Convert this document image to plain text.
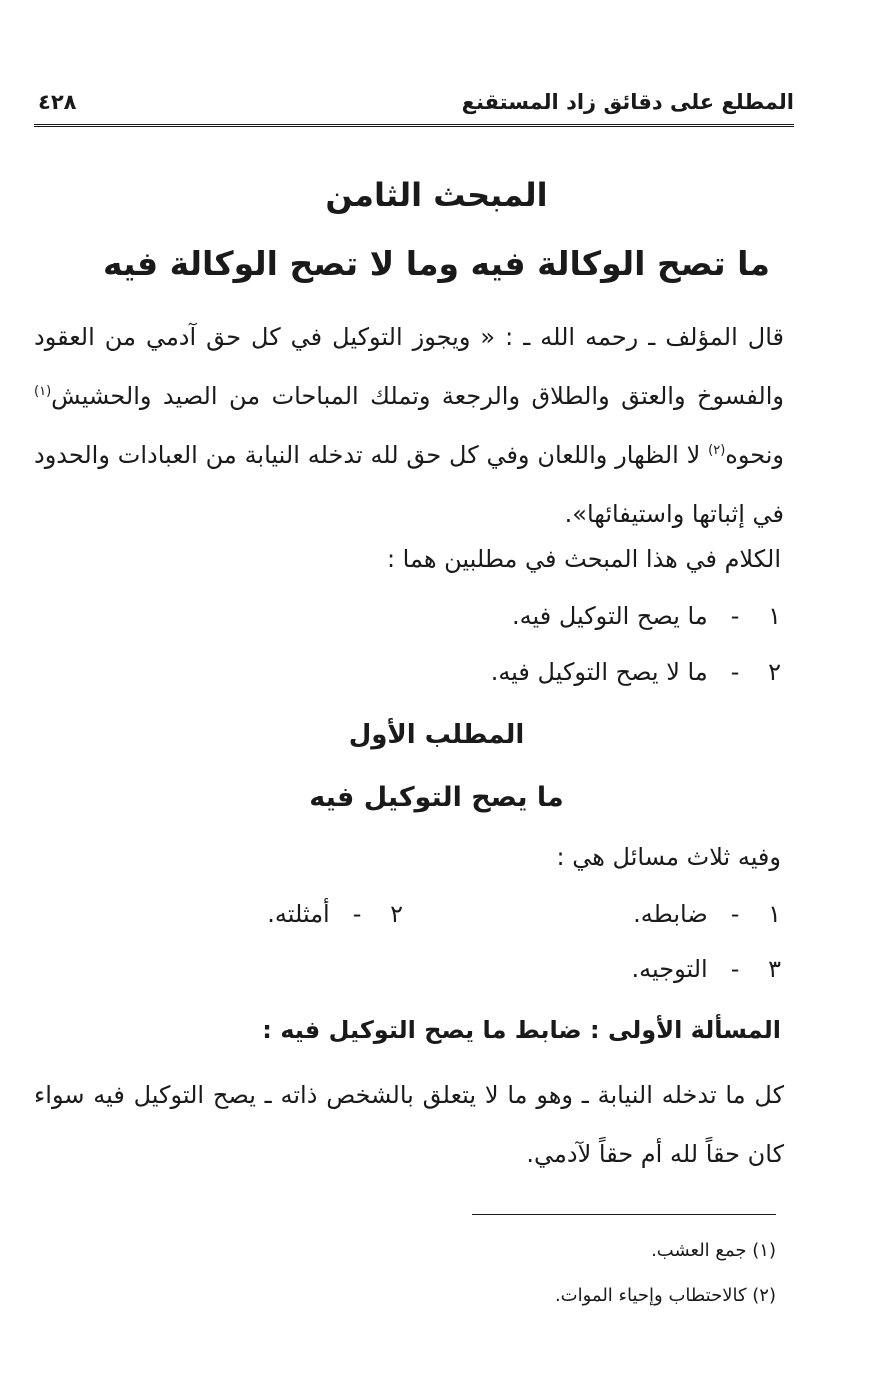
المطلع على دقائق زاد المستقنع
٤٢٨
المبحث الثامن
ما تصح الوكالة فيه وما لا تصح الوكالة فيه
قال المؤلف ـ رحمه الله ـ : « ويجوز التوكيل في كل حق آدمي من العقود والفسوخ والعتق والطلاق والرجعة وتملك المباحات من الصيد والحشيش$^{(١)}$ ونحوه$^{(٢)}$ لا الظهار واللعان وفي كل حق لله تدخله النيابة من العبادات والحدود في إثباتها واستيفائها».
الكلام في هذا المبحث في مطلبين هما :
١ - ما يصح التوكيل فيه.
٢ - ما لا يصح التوكيل فيه.
المطلب الأول
ما يصح التوكيل فيه
وفيه ثلاث مسائل هي :
١ - ضابطه.
٢ - أمثلته.
٣ - التوجيه.
المسألة الأولى : ضابط ما يصح التوكيل فيه :
كل ما تدخله النيابة ـ وهو ما لا يتعلق بالشخص ذاته ـ يصح التوكيل فيه سواء كان حقاً لله أم حقاً لآدمي.
(١) جمع العشب.
(٢) كالاحتطاب وإحياء الموات.
